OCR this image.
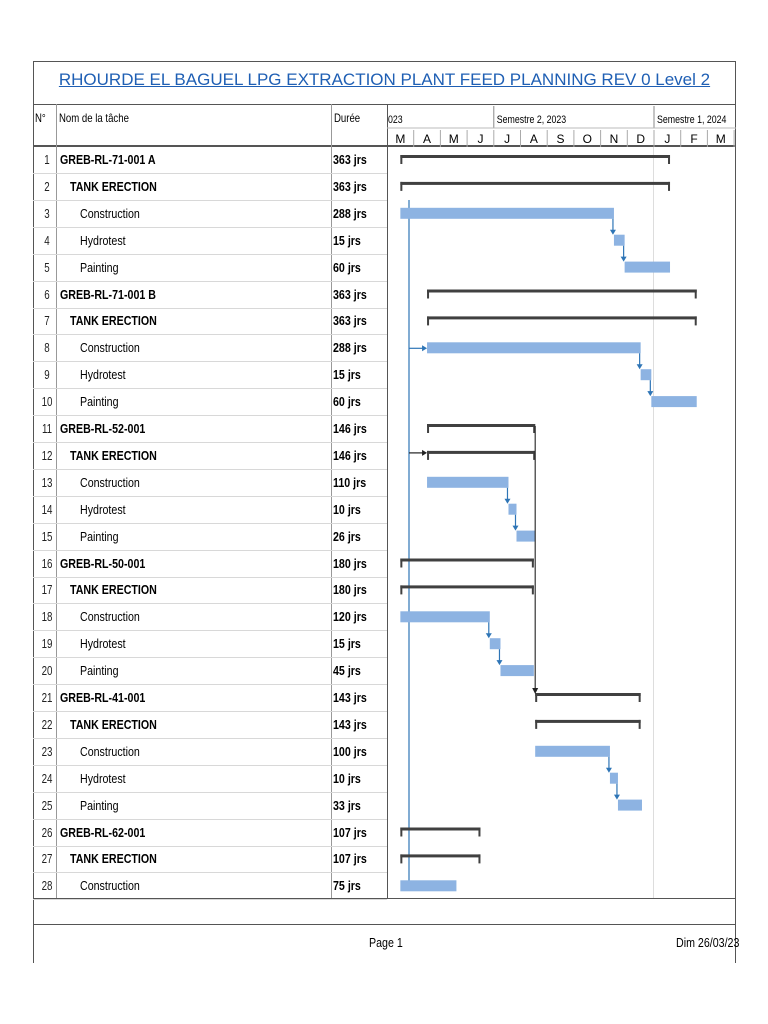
RHOURDE EL BAGUEL LPG EXTRACTION PLANT FEED PLANNING REV 0 Level 2
N° Nom de la tâche	Durée
1 GREB-RL-71-001 A	363 jrs
2 TANK ERECTION	363 jrs
3 Construction	288 jrs
4 Hydrotest	15 jrs
5 Painting	60 jrs
6 GREB-RL-71-001 B	363 jrs
7 TANK ERECTION	363 jrs
8 Construction	288 jrs
9 Hydrotest	15 jrs
10 Painting	60 jrs
11 GREB-RL-52-001	146 jrs
12 TANK ERECTION	146 jrs
13 Construction	110 jrs
14 Hydrotest	10 jrs
15 Painting	26 jrs
16 GREB-RL-50-001	180 jrs
17 TANK ERECTION	180 jrs
18 Construction	120 jrs
19 Hydrotest	15 jrs
20 Painting	45 jrs
21 GREB-RL-41-001	143 jrs
22 TANK ERECTION	143 jrs
23 Construction	100 jrs
24 Hydrotest	10 jrs
25 Painting	33 jrs
26 GREB-RL-62-001	107 jrs
27 TANK ERECTION	107 jrs
28 Construction	75 jrs
023	Semestre 2, 2023	Semestre 1, 2024
M A M J J A S O N D J F M
Page 1	Dim 26/03/23
